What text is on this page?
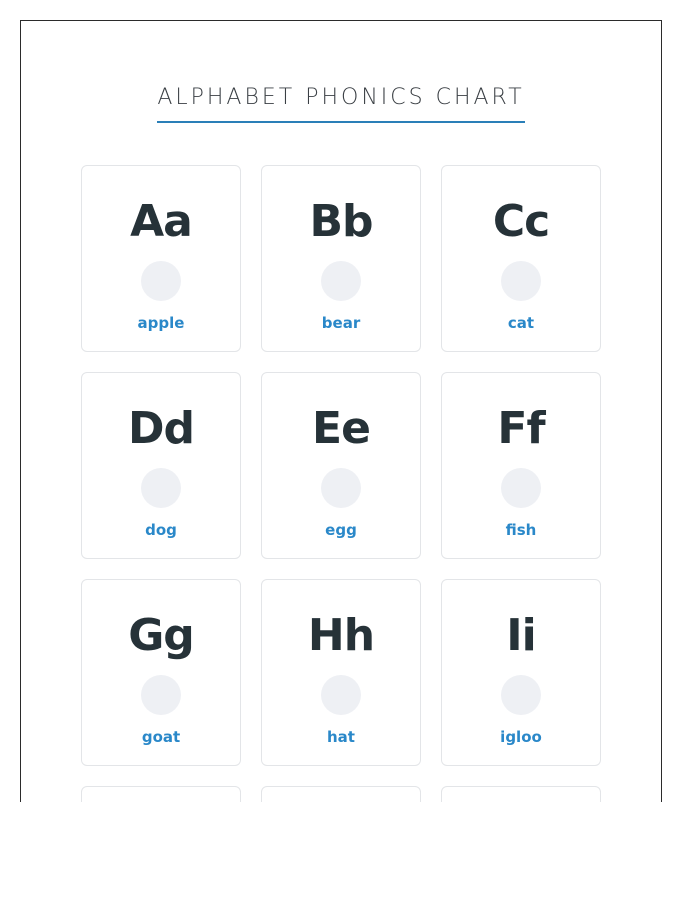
ALPHABET PHONICS CHART
Aa
apple
Bb
bear
Cc
cat
Dd
dog
Ee
egg
Ff
fish
Gg
goat
Hh
hat
Ii
igloo
